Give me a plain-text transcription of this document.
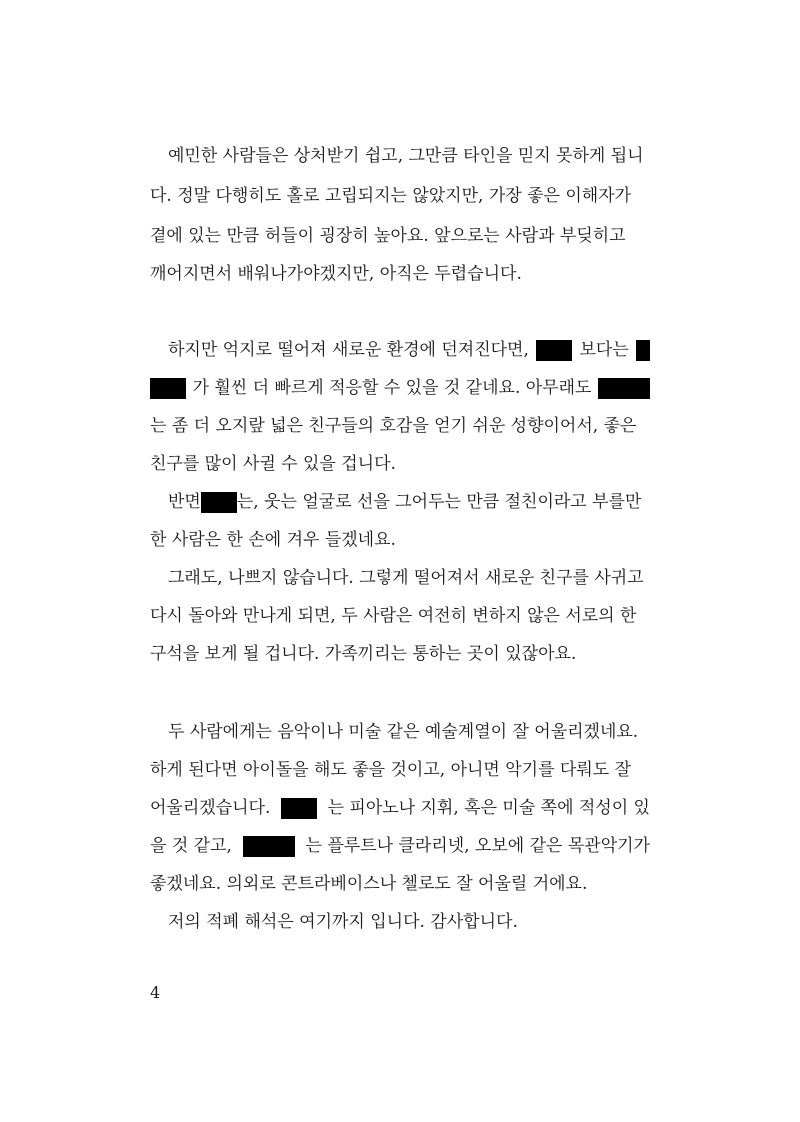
예민한 사람들은 상처받기 쉽고, 그만큼 타인을 믿지 못하게 됩니
다. 정말 다행히도 홀로 고립되지는 않았지만, 가장 좋은 이해자가
곁에 있는 만큼 허들이 굉장히 높아요. 앞으로는 사람과 부딪히고
깨어지면서 배워나가야겠지만, 아직은 두렵습니다.
하지만 억지로 떨어져 새로운 환경에 던져진다면,	보다는
가 훨씬 더 빠르게 적응할 수 있을 것 같네요. 아무래도
는 좀 더 오지랖 넓은 친구들의 호감을 얻기 쉬운 성향이어서, 좋은
친구를 많이 사귈 수 있을 겁니다.
반면 는, 웃는 얼굴로 선을 그어두는 만큼 절친이라고 부를만
한 사람은 한 손에 겨우 들겠네요.
그래도, 나쁘지 않습니다. 그렇게 떨어져서 새로운 친구를 사귀고
다시 돌아와 만나게 되면, 두 사람은 여전히 변하지 않은 서로의 한
구석을 보게 될 겁니다. 가족끼리는 통하는 곳이 있잖아요.
두 사람에게는 음악이나 미술 같은 예술계열이 잘 어울리겠네요.
하게 된다면 아이돌을 해도 좋을 것이고, 아니면 악기를 다뤄도 잘
어울리겠습니다.	는 피아노나 지휘, 혹은 미술 쪽에 적성이 있
을 것 같고,	는 플루트나 클라리넷, 오보에 같은 목관악기가
좋겠네요. 의외로 콘트라베이스나 첼로도 잘 어울릴 거에요.
저의 적폐 해석은 여기까지 입니다. 감사합니다.
4
